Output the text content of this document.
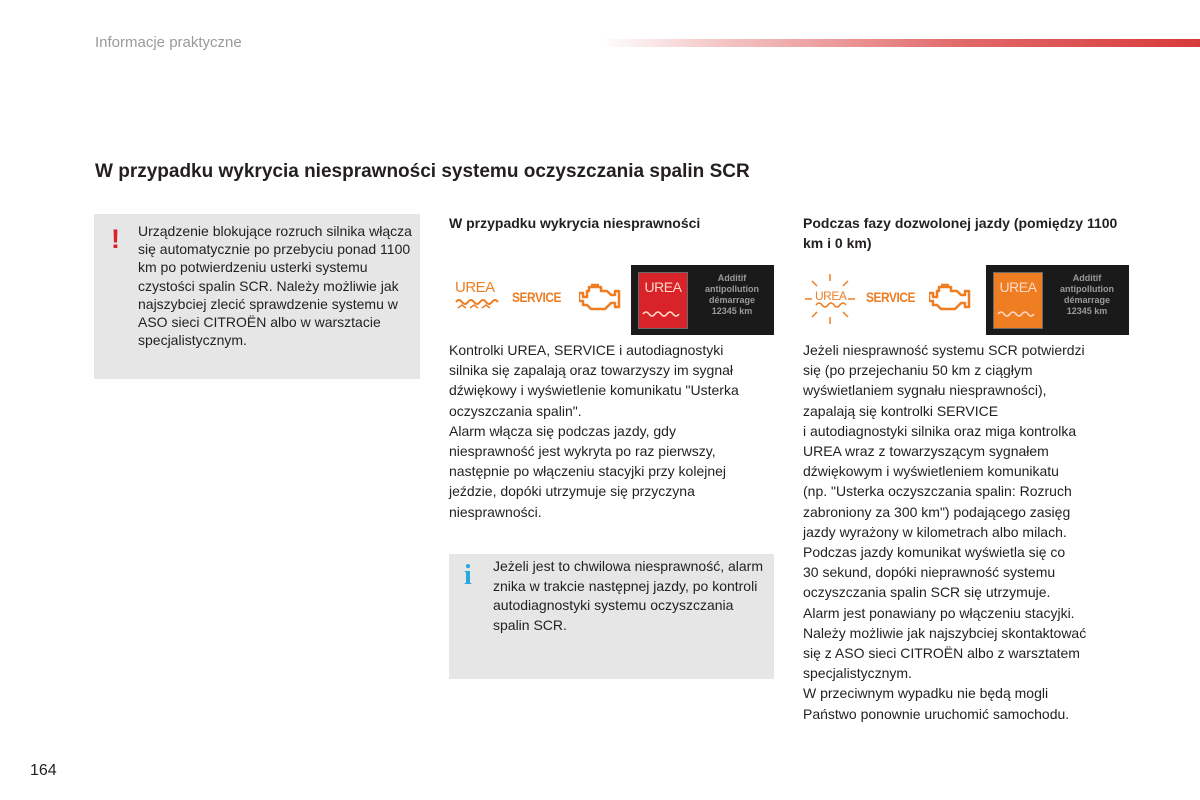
Informacje praktyczne
W przypadku wykrycia niesprawności systemu oczyszczania spalin SCR
! Urządzenie blokujące rozruch silnika włącza się automatycznie po przebyciu ponad 1100 km po potwierdzeniu usterki systemu czystości spalin SCR. Należy możliwie jak najszybciej zlecić sprawdzenie systemu w ASO sieci CITROËN albo w warsztacie specjalistycznym.
W przypadku wykrycia niesprawności
UREA
SERVICE
UREA
Additif
antipollution
démarrage
12345 km
Kontrolki UREA, SERVICE i autodiagnostyki
silnika się zapalają oraz towarzyszy im sygnał
dźwiękowy i wyświetlenie komunikatu "Usterka
oczyszczania spalin".
Alarm włącza się podczas jazdy, gdy
niesprawność jest wykryta po raz pierwszy,
następnie po włączeniu stacyjki przy kolejnej
jeździe, dopóki utrzymuje się przyczyna
niesprawności.
i Jeżeli jest to chwilowa niesprawność, alarm znika w trakcie następnej jazdy, po kontroli autodiagnostyki systemu oczyszczania spalin SCR.
Podczas fazy dozwolonej jazdy (pomiędzy 1100 km i 0 km)
UREA	SERVICE
UREA
Additif
antipollution
démarrage
12345 km
Jeżeli niesprawność systemu SCR potwierdzi
się (po przejechaniu 50 km z ciągłym
wyświetlaniem sygnału niesprawności),
zapalają się kontrolki SERVICE
i autodiagnostyki silnika oraz miga kontrolka
UREA wraz z towarzyszącym sygnałem
dźwiękowym i wyświetleniem komunikatu
(np. "Usterka oczyszczania spalin: Rozruch
zabroniony za 300 km") podającego zasięg
jazdy wyrażony w kilometrach albo milach.
Podczas jazdy komunikat wyświetla się co
30 sekund, dopóki nieprawność systemu
oczyszczania spalin SCR się utrzymuje.
Alarm jest ponawiany po włączeniu stacyjki.
Należy możliwie jak najszybciej skontaktować
się z ASO sieci CITROËN albo z warsztatem
specjalistycznym.
W przeciwnym wypadku nie będą mogli
Państwo ponownie uruchomić samochodu.
164
